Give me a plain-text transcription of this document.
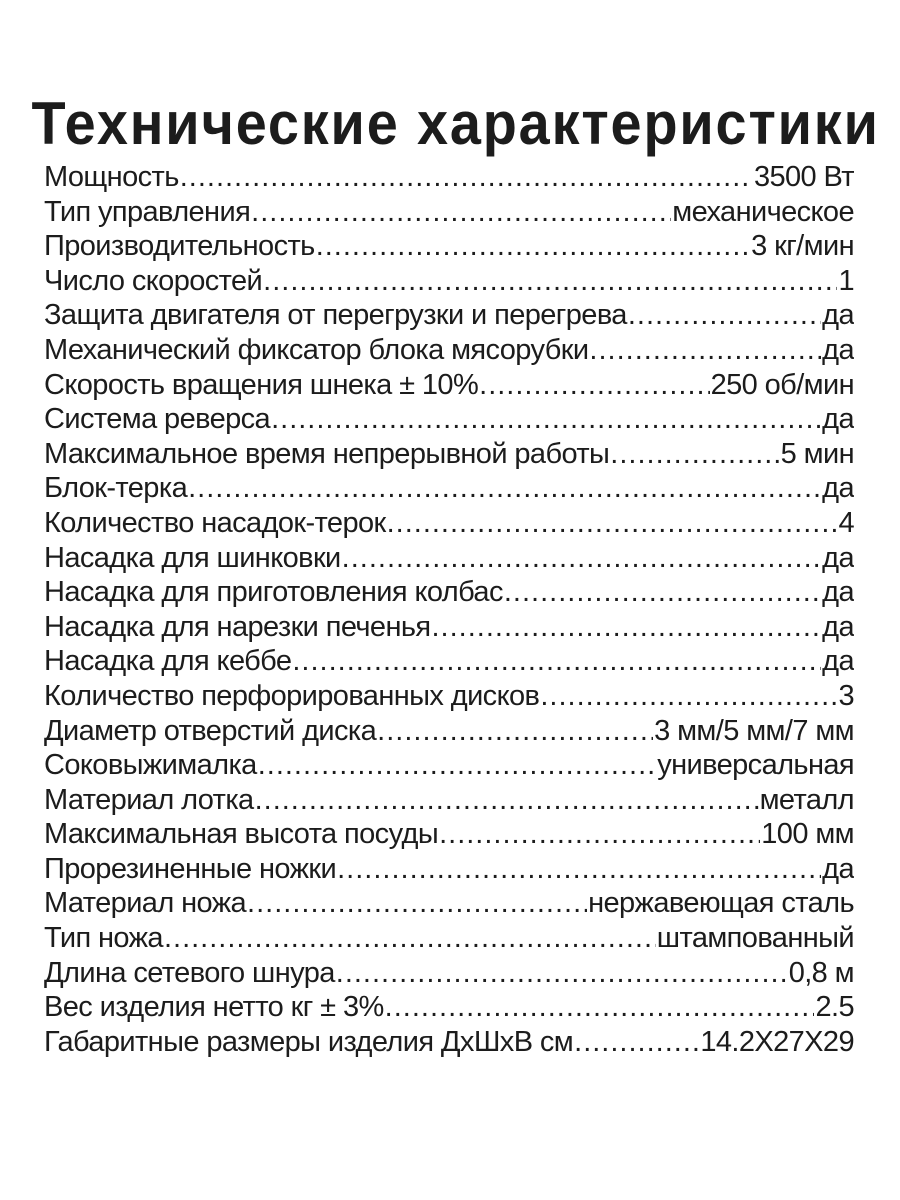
Технические характеристики
Мощность .....	3500 Вт
Тип управления .....	механическое
Производительность .....	3 кг/мин
Число скоростей .....	1
Защита двигателя от перегрузки и перегрева .....	да
Механический фиксатор блока мясорубки .....	да
Скорость вращения шнека ± 10% .....	250 об/мин
Система реверса .....	да
Максимальное время непрерывной работы .....	5 мин
Блок-терка .....	да
Количество насадок-терок .....	4
Насадка для шинковки .....	да
Насадка для приготовления колбас .....	да
Насадка для нарезки печенья .....	да
Насадка для кеббе .....	да
Количество перфорированных дисков .....	3
Диаметр отверстий диска .....	3 мм/5 мм/7 мм
Соковыжималка .....	универсальная
Материал лотка .....	металл
Максимальная высота посуды .....	100 мм
Прорезиненные ножки .....	да
Материал ножа .....	нержавеющая сталь
Тип ножа .....	штампованный
Длина сетевого шнура .....	0,8 м
Вес изделия нетто кг ± 3% .....	2.5
Габаритные размеры изделия ДхШхВ см .....	14.2X27X29
